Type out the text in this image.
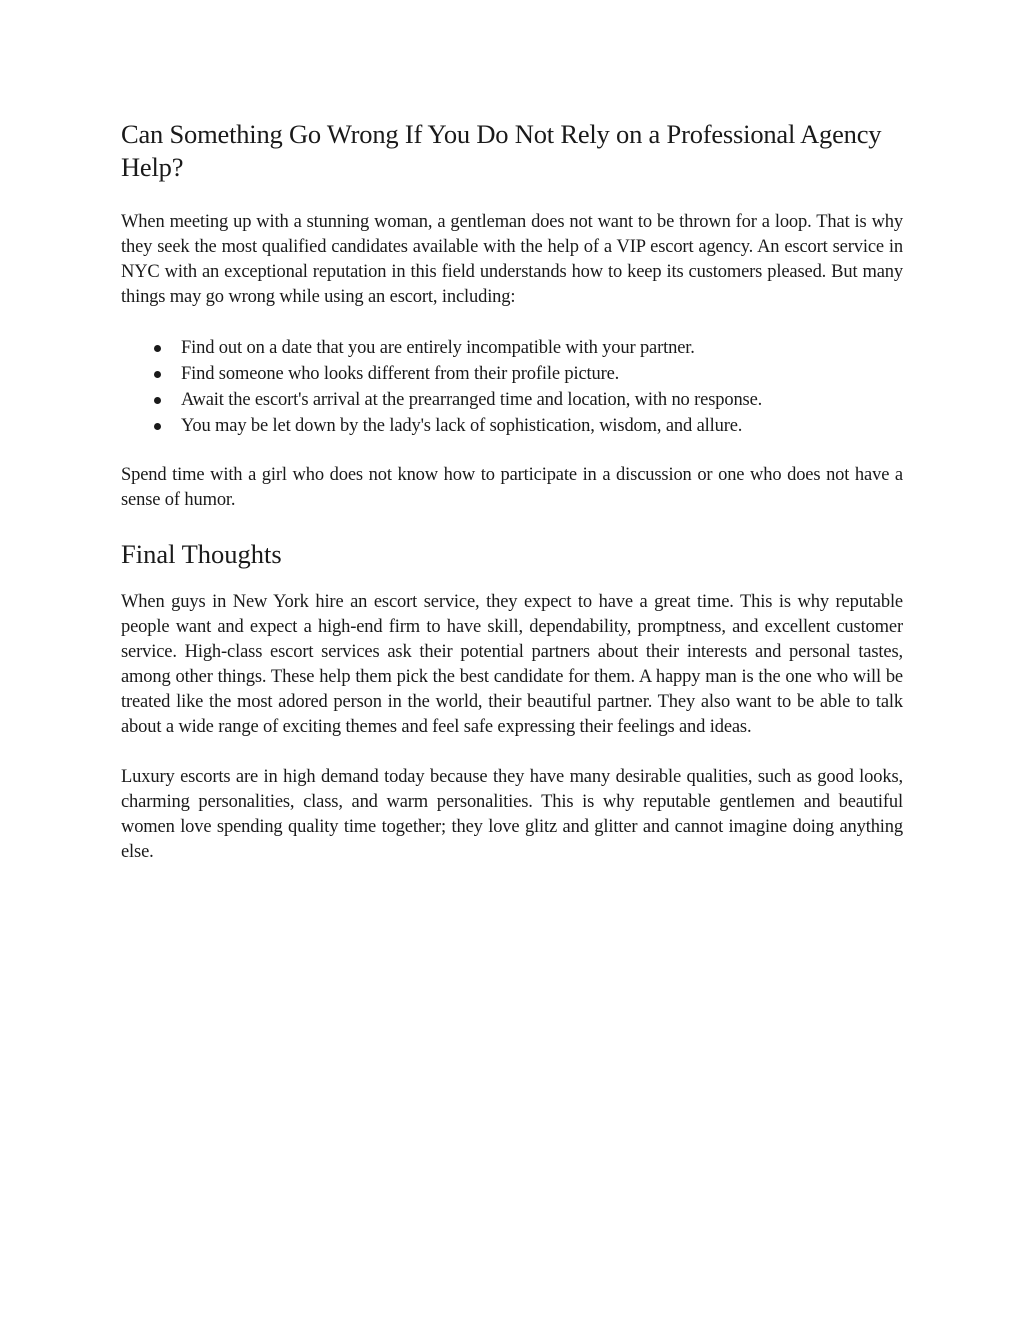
Can Something Go Wrong If You Do Not Rely on a Professional Agency Help?

When meeting up with a stunning woman, a gentleman does not want to be thrown for a loop. That is why they seek the most qualified candidates available with the help of a VIP escort agency. An escort service in NYC with an exceptional reputation in this field understands how to keep its customers pleased. But many things may go wrong while using an escort, including:

Find out on a date that you are entirely incompatible with your partner.
Find someone who looks different from their profile picture.
Await the escort's arrival at the prearranged time and location, with no response.
You may be let down by the lady's lack of sophistication, wisdom, and allure.

Spend time with a girl who does not know how to participate in a discussion or one who does not have a sense of humor.

Final Thoughts

When guys in New York hire an escort service, they expect to have a great time. This is why reputable people want and expect a high-end firm to have skill, dependability, promptness, and excellent customer service. High-class escort services ask their potential partners about their interests and personal tastes, among other things. These help them pick the best candidate for them. A happy man is the one who will be treated like the most adored person in the world, their beautiful partner. They also want to be able to talk about a wide range of exciting themes and feel safe expressing their feelings and ideas.

Luxury escorts are in high demand today because they have many desirable qualities, such as good looks, charming personalities, class, and warm personalities. This is why reputable gentlemen and beautiful women love spending quality time together; they love glitz and glitter and cannot imagine doing anything else.
